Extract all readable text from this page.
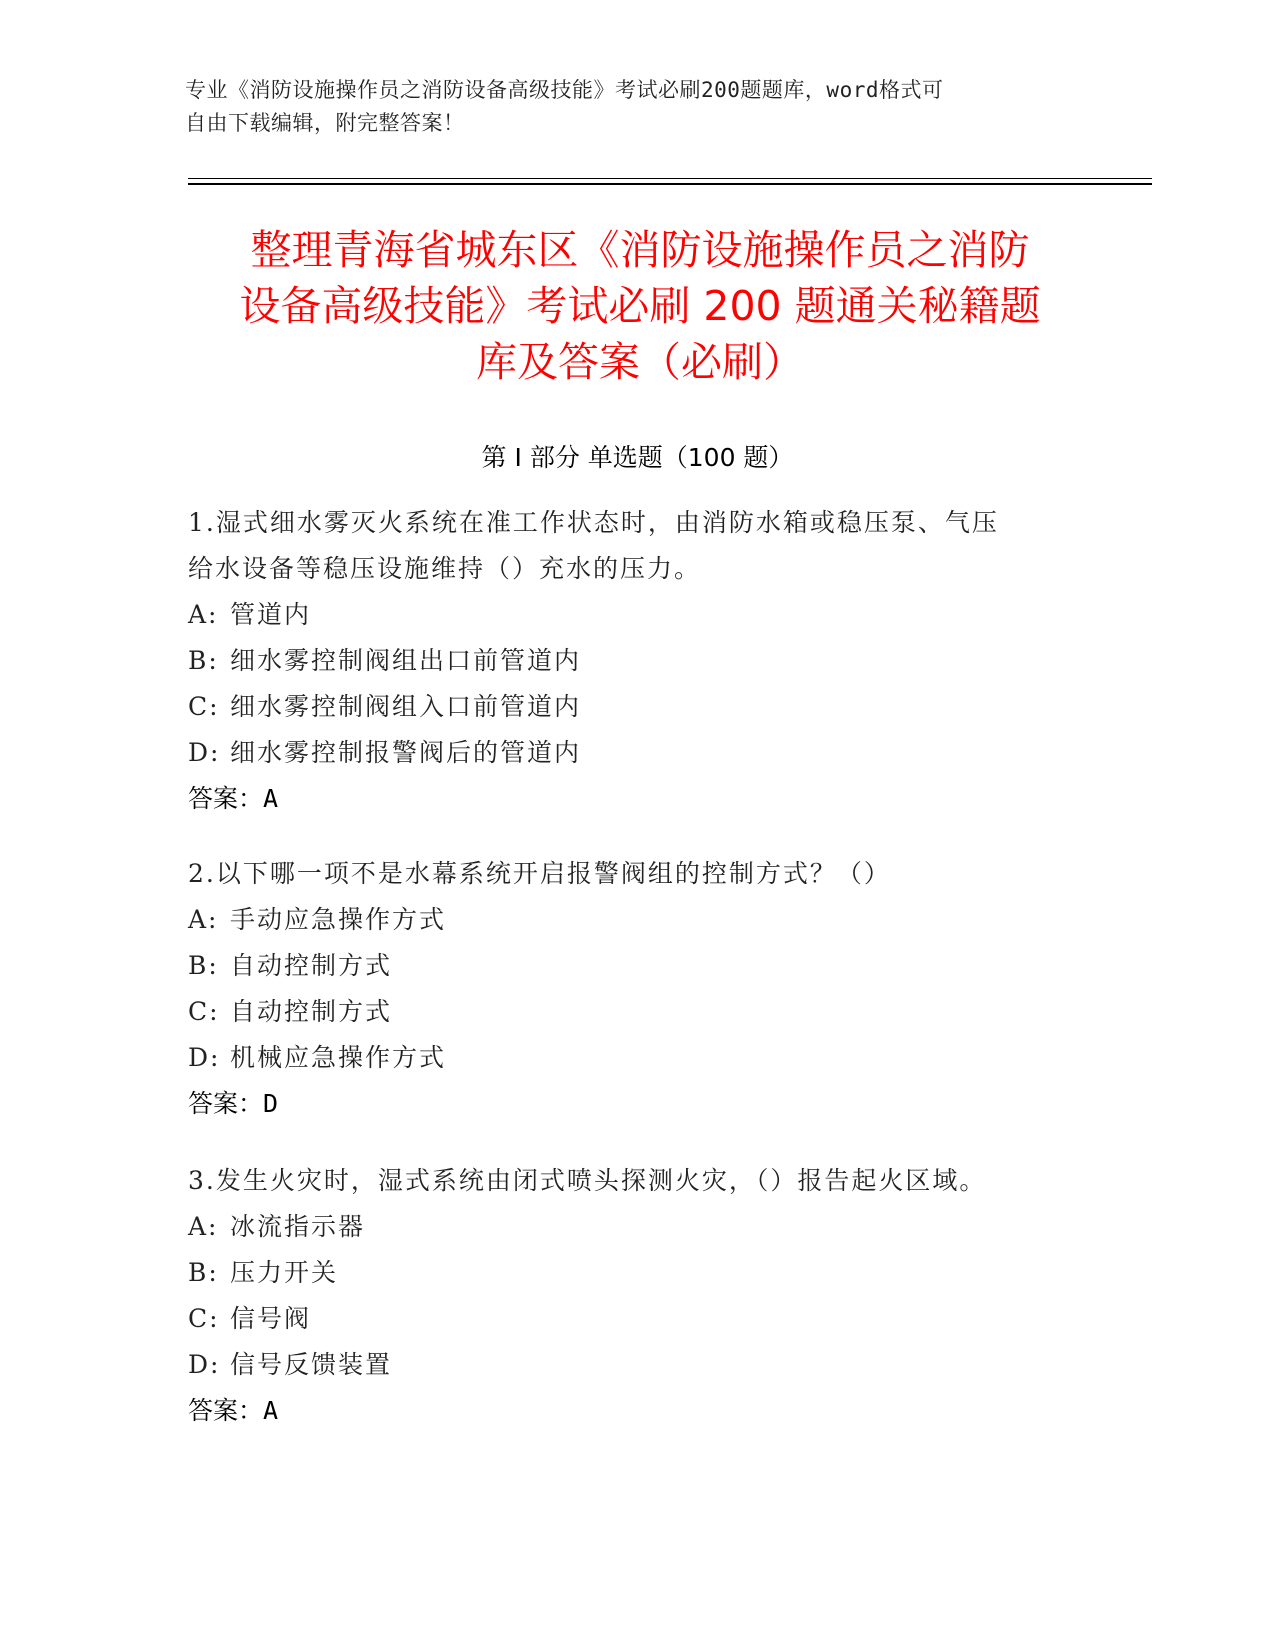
专业《消防设施操作员之消防设备高级技能》考试必刷200题题库，word格式可
自由下载编辑，附完整答案！
整理青海省城东区《消防设施操作员之消防
设备高级技能》考试必刷 200 题通关秘籍题
库及答案（必刷）
第 I 部分 单选题（100 题）
1.湿式细水雾灭火系统在准工作状态时，由消防水箱或稳压泵、气压
给水设备等稳压设施维持（）充水的压力。
A: 管道内
B: 细水雾控制阀组出口前管道内
C: 细水雾控制阀组入口前管道内
D: 细水雾控制报警阀后的管道内
答案：A
2.以下哪一项不是水幕系统开启报警阀组的控制方式？（）
A: 手动应急操作方式
B: 自动控制方式
C: 自动控制方式
D: 机械应急操作方式
答案：D
3.发生火灾时，湿式系统由闭式喷头探测火灾，（）报告起火区域。
A: 冰流指示器
B: 压力开关
C: 信号阀
D: 信号反馈装置
答案：A
